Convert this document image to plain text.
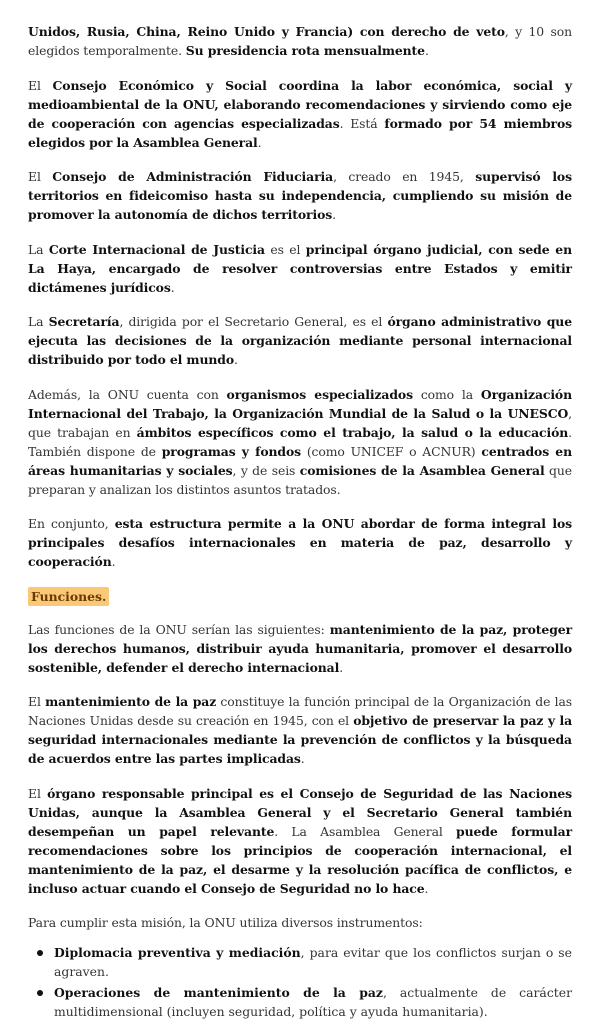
Unidos, Rusia, China, Reino Unido y Francia) con derecho de veto, y 10 son elegidos temporalmente. Su presidencia rota mensualmente.

El Consejo Económico y Social coordina la labor económica, social y medioambiental de la ONU, elaborando recomendaciones y sirviendo como eje de cooperación con agencias especializadas. Está formado por 54 miembros elegidos por la Asamblea General.

El Consejo de Administración Fiduciaria, creado en 1945, supervisó los territorios en fideicomiso hasta su independencia, cumpliendo su misión de promover la autonomía de dichos territorios.

La Corte Internacional de Justicia es el principal órgano judicial, con sede en La Haya, encargado de resolver controversias entre Estados y emitir dictámenes jurídicos.

La Secretaría, dirigida por el Secretario General, es el órgano administrativo que ejecuta las decisiones de la organización mediante personal internacional distribuido por todo el mundo.

Además, la ONU cuenta con organismos especializados como la Organización Internacional del Trabajo, la Organización Mundial de la Salud o la UNESCO, que trabajan en ámbitos específicos como el trabajo, la salud o la educación. También dispone de programas y fondos (como UNICEF o ACNUR) centrados en áreas humanitarias y sociales, y de seis comisiones de la Asamblea General que preparan y analizan los distintos asuntos tratados.

En conjunto, esta estructura permite a la ONU abordar de forma integral los principales desafíos internacionales en materia de paz, desarrollo y cooperación.

Funciones.

Las funciones de la ONU serían las siguientes: mantenimiento de la paz, proteger los derechos humanos, distribuir ayuda humanitaria, promover el desarrollo sostenible, defender el derecho internacional.

El mantenimiento de la paz constituye la función principal de la Organización de las Naciones Unidas desde su creación en 1945, con el objetivo de preservar la paz y la seguridad internacionales mediante la prevención de conflictos y la búsqueda de acuerdos entre las partes implicadas.

El órgano responsable principal es el Consejo de Seguridad de las Naciones Unidas, aunque la Asamblea General y el Secretario General también desempeñan un papel relevante. La Asamblea General puede formular recomendaciones sobre los principios de cooperación internacional, el mantenimiento de la paz, el desarme y la resolución pacífica de conflictos, e incluso actuar cuando el Consejo de Seguridad no lo hace.

Para cumplir esta misión, la ONU utiliza diversos instrumentos:

Diplomacia preventiva y mediación, para evitar que los conflictos surjan o se agraven.
Operaciones de mantenimiento de la paz, actualmente de carácter multidimensional (incluyen seguridad, política y ayuda humanitaria).
